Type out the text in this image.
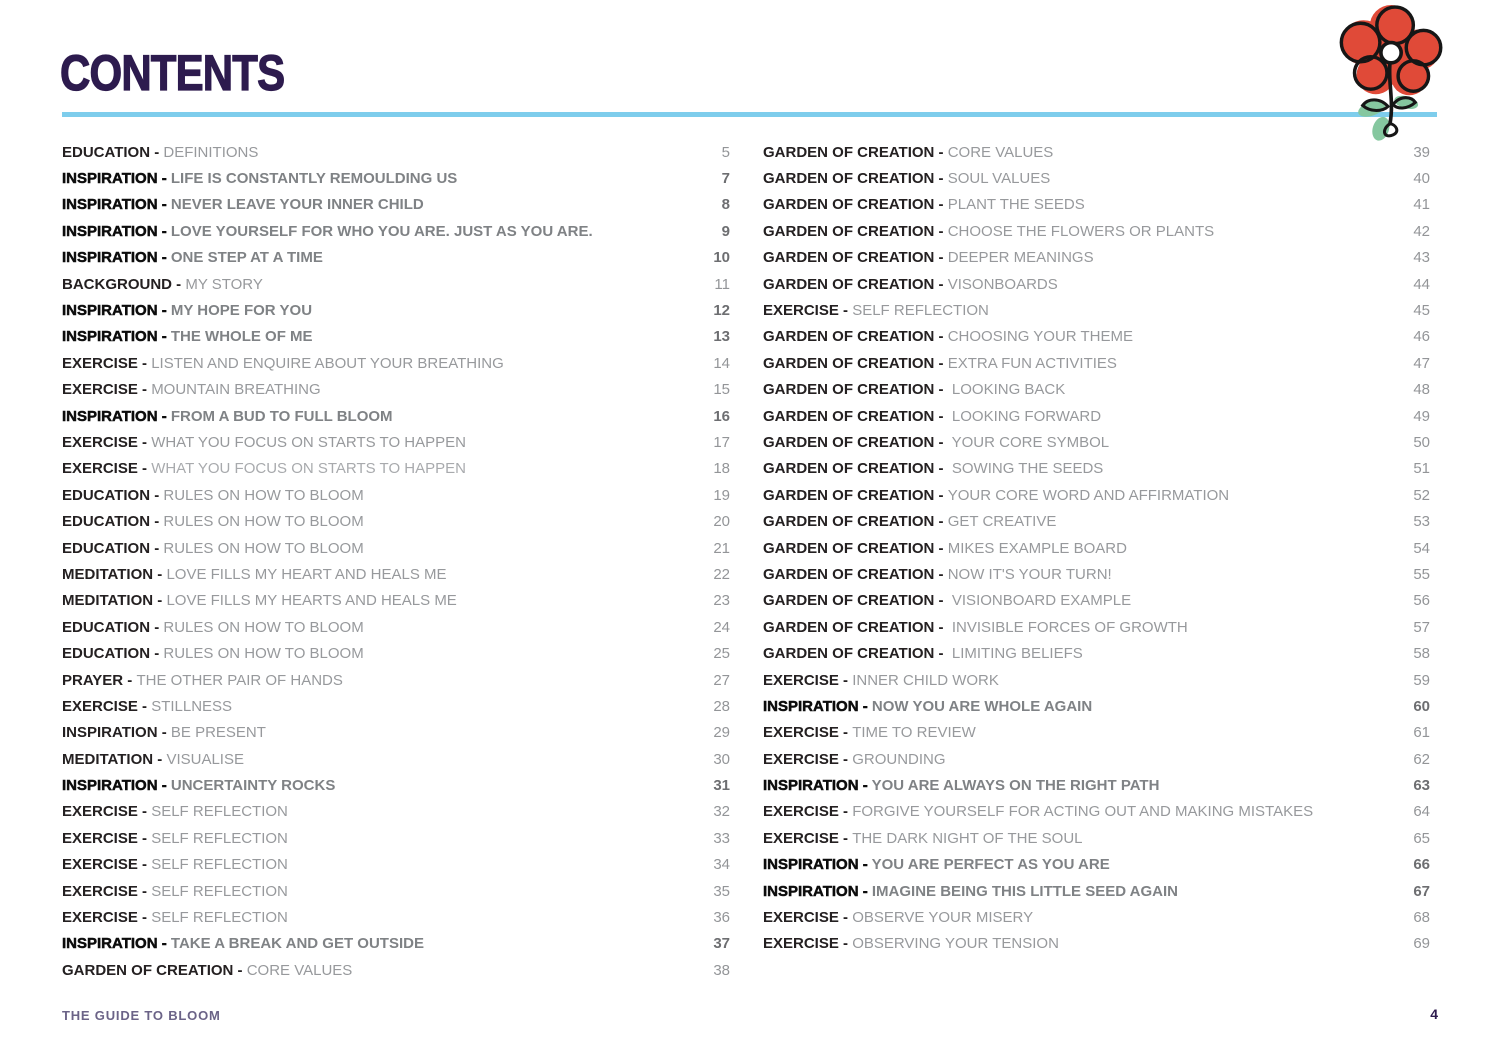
CONTENTS
EDUCATION - DEFINITIONS	5
INSPIRATION - LIFE IS CONSTANTLY REMOULDING US	7
INSPIRATION - NEVER LEAVE YOUR INNER CHILD	8
INSPIRATION - LOVE YOURSELF FOR WHO YOU ARE. JUST AS YOU ARE.	9
INSPIRATION - ONE STEP AT A TIME	10
BACKGROUND - MY STORY	11
INSPIRATION - MY HOPE FOR YOU	12
INSPIRATION - THE WHOLE OF ME	13
EXERCISE - LISTEN AND ENQUIRE ABOUT YOUR BREATHING	14
EXERCISE - MOUNTAIN BREATHING	15
INSPIRATION - FROM A BUD TO FULL BLOOM	16
EXERCISE - WHAT YOU FOCUS ON STARTS TO HAPPEN	17
EXERCISE - WHAT YOU FOCUS ON STARTS TO HAPPEN	18
EDUCATION - RULES ON HOW TO BLOOM	19
EDUCATION - RULES ON HOW TO BLOOM	20
EDUCATION - RULES ON HOW TO BLOOM	21
MEDITATION - LOVE FILLS MY HEART AND HEALS ME	22
MEDITATION - LOVE FILLS MY HEARTS AND HEALS ME	23
EDUCATION - RULES ON HOW TO BLOOM	24
EDUCATION - RULES ON HOW TO BLOOM	25
PRAYER - THE OTHER PAIR OF HANDS	27
EXERCISE - STILLNESS	28
INSPIRATION - BE PRESENT	29
MEDITATION - VISUALISE	30
INSPIRATION - UNCERTAINTY ROCKS	31
EXERCISE - SELF REFLECTION	32
EXERCISE - SELF REFLECTION	33
EXERCISE - SELF REFLECTION	34
EXERCISE - SELF REFLECTION	35
EXERCISE - SELF REFLECTION	36
INSPIRATION - TAKE A BREAK AND GET OUTSIDE	37
GARDEN OF CREATION - CORE VALUES	38
GARDEN OF CREATION - CORE VALUES	39
GARDEN OF CREATION - SOUL VALUES	40
GARDEN OF CREATION - PLANT THE SEEDS	41
GARDEN OF CREATION - CHOOSE THE FLOWERS OR PLANTS	42
GARDEN OF CREATION - DEEPER MEANINGS	43
GARDEN OF CREATION - VISONBOARDS	44
EXERCISE - SELF REFLECTION	45
GARDEN OF CREATION - CHOOSING YOUR THEME	46
GARDEN OF CREATION - EXTRA FUN ACTIVITIES	47
GARDEN OF CREATION -  LOOKING BACK	48
GARDEN OF CREATION -  LOOKING FORWARD	49
GARDEN OF CREATION -  YOUR CORE SYMBOL	50
GARDEN OF CREATION -  SOWING THE SEEDS	51
GARDEN OF CREATION - YOUR CORE WORD AND AFFIRMATION	52
GARDEN OF CREATION - GET CREATIVE	53
GARDEN OF CREATION - MIKES EXAMPLE BOARD	54
GARDEN OF CREATION - NOW IT'S YOUR TURN!	55
GARDEN OF CREATION -  VISIONBOARD EXAMPLE	56
GARDEN OF CREATION -  INVISIBLE FORCES OF GROWTH	57
GARDEN OF CREATION -  LIMITING BELIEFS	58
EXERCISE - INNER CHILD WORK	59
INSPIRATION - NOW YOU ARE WHOLE AGAIN	60
EXERCISE - TIME TO REVIEW	61
EXERCISE - GROUNDING	62
INSPIRATION - YOU ARE ALWAYS ON THE RIGHT PATH	63
EXERCISE - FORGIVE YOURSELF FOR ACTING OUT AND MAKING MISTAKES	64
EXERCISE - THE DARK NIGHT OF THE SOUL	65
INSPIRATION - YOU ARE PERFECT AS YOU ARE	66
INSPIRATION - IMAGINE BEING THIS LITTLE SEED AGAIN	67
EXERCISE - OBSERVE YOUR MISERY	68
EXERCISE - OBSERVING YOUR TENSION	69
THE GUIDE TO BLOOM	4
